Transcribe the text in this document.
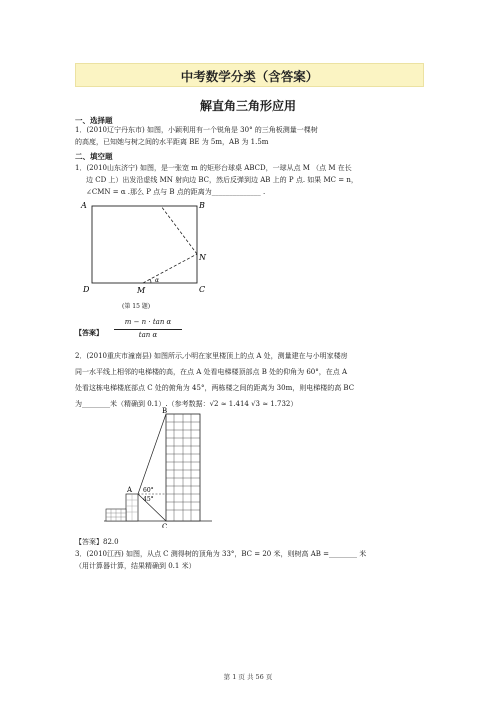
中考数学分类（含答案）
解直角三角形应用
一、选择题
1．(2010辽宁丹东市) 如图，小颖利用有一个锐角是 30° 的三角板测量一棵树
的高度，已知她与树之间的水平距离 BE 为 5m，AB 为 1.5m
二、填空题
1．(2010山东济宁) 如图，是一张宽 m 的矩形台球桌 ABCD，一球从点 M （点 M 在长
边 CD 上）出发沿虚线 MN 射向边 BC，然后反弹到边 AB 上的 P 点. 如果 MC = n，
∠CMN = α .那么 P 点与 B 点的距离为______________ .
A	B
D	C
M
N
α
(第 15 题)
【答案】
m − n · tan α
tan α
2．(2010重庆市潼南县) 如图所示,小明在家里楼顶上的点 A 处，测量建在与小明家楼房
同一水平线上相邻的电梯楼的高，在点 A 处看电梯楼顶部点 B 处的仰角为 60°，在点 A
处看这栋电梯楼底部点 C 处的俯角为 45°，两栋楼之间的距离为 30m，则电梯楼的高 BC
为________米（精确到 0.1）.（参考数据：√2 ≈ 1.414 √3 ≈ 1.732）
A
B
C
60°
45°
【答案】82.0
3．(2010江西) 如图，从点 C 测得树的顶角为 33°，BC = 20 米，则树高 AB =________ 米
（用计算器计算，结果精确到 0.1 米）
第 1 页 共 56 页
